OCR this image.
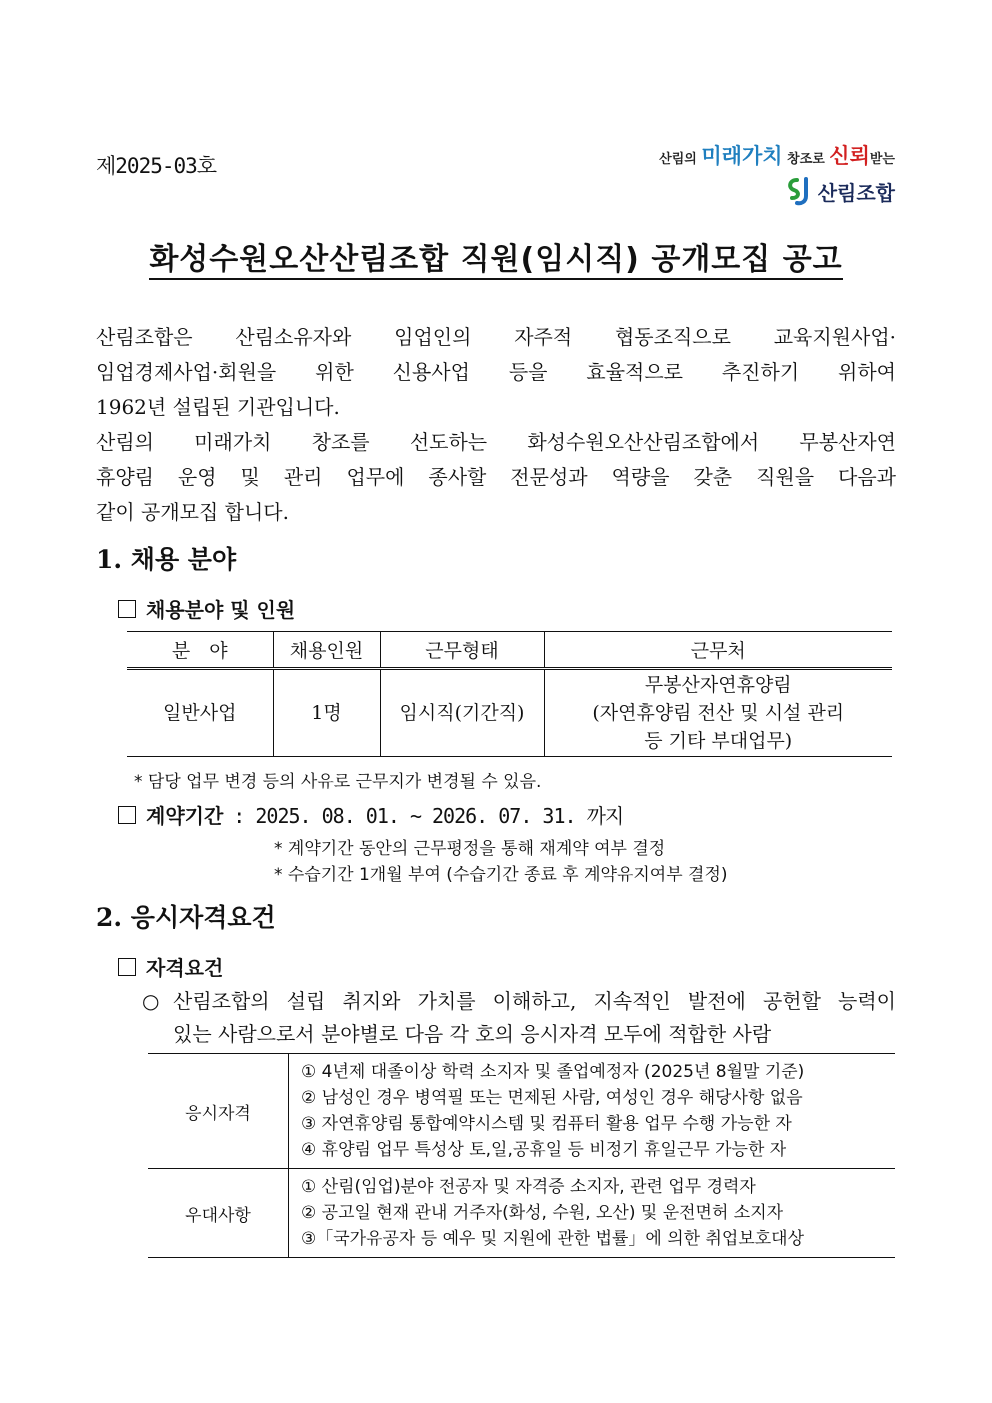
제2025-03호	산림의 미래가치 창조로 신뢰받는
산림조합
화성수원오산산림조합 직원(임시직) 공개모집 공고
산림조합은 산림소유자와 임업인의 자주적 협동조직으로 교육지원사업·
임업경제사업·회원을 위한 신용사업 등을 효율적으로 추진하기 위하여
1962년 설립된 기관입니다.
산림의 미래가치 창조를 선도하는 화성수원오산산림조합에서 무봉산자연
휴양림 운영 및 관리 업무에 종사할 전문성과 역량을 갖춘 직원을 다음과
같이 공개모집 합니다.
1. 채용 분야
채용분야 및 인원
분　야	채용인원	근무형태	근무처
일반사업	1명	임시직(기간직)	무봉산자연휴양림
(자연휴양림 전산 및 시설 관리
등 기타 부대업무)
* 담당 업무 변경 등의 사유로 근무지가 변경될 수 있음.
계약기간 : 2025. 08. 01. ~ 2026. 07. 31. 까지
* 계약기간 동안의 근무평정을 통해 재계약 여부 결정
* 수습기간 1개월 부여 (수습기간 종료 후 계약유지여부 결정)
2. 응시자격요건
자격요건
○ 산림조합의 설립 취지와 가치를 이해하고, 지속적인 발전에 공헌할 능력이
있는 사람으로서 분야별로 다음 각 호의 응시자격 모두에 적합한 사람
응시자격	① 4년제 대졸이상 학력 소지자 및 졸업예정자 (2025년 8월말 기준)
② 남성인 경우 병역필 또는 면제된 사람, 여성인 경우 해당사항 없음
③ 자연휴양림 통합예약시스템 및 컴퓨터 활용 업무 수행 가능한 자
④ 휴양림 업무 특성상 토,일,공휴일 등 비정기 휴일근무 가능한 자

우대사항	① 산림(임업)분야 전공자 및 자격증 소지자, 관련 업무 경력자
② 공고일 현재 관내 거주자(화성, 수원, 오산) 및 운전면허 소지자
③「국가유공자 등 예우 및 지원에 관한 법률」에 의한 취업보호대상
